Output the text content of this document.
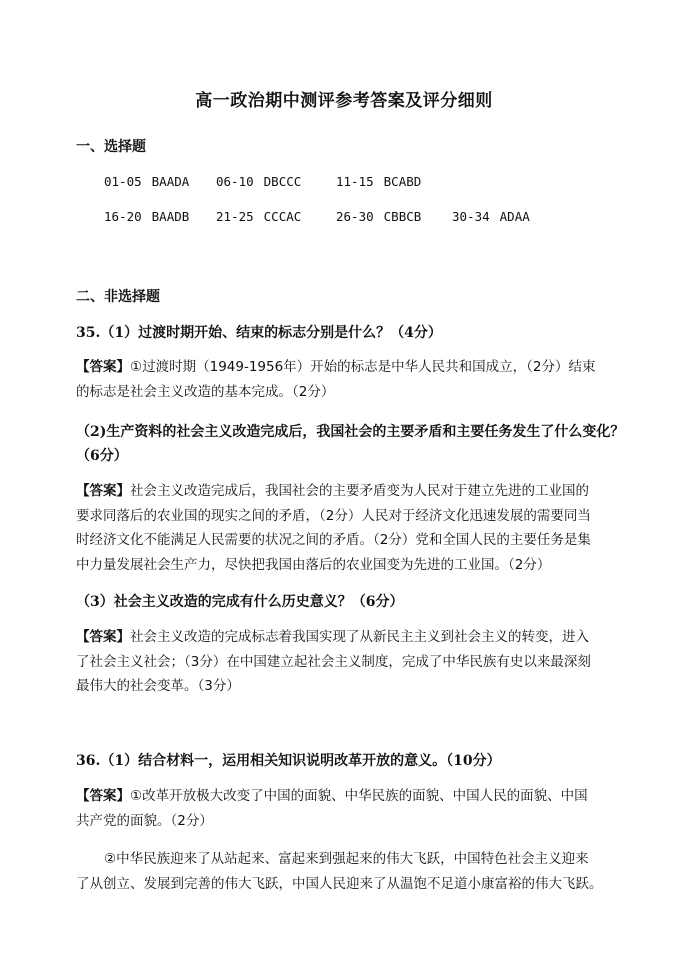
高一政治期中测评参考答案及评分细则
一、选择题
01-05 BAADA 06-10 DBCCC	11-15 BCABD
16-20 BAADB 21-25 CCCAC	26-30 CBBCB 30-34 ADAA
二、非选择题
35.（1）过渡时期开始、结束的标志分别是什么？（4分）
【答案】①过渡时期（1949-1956年）开始的标志是中华人民共和国成立，（2分）结束
的标志是社会主义改造的基本完成。（2分）
（2)生产资料的社会主义改造完成后，我国社会的主要矛盾和主要任务发生了什么变化？
（6分）
【答案】社会主义改造完成后，我国社会的主要矛盾变为人民对于建立先进的工业国的
要求同落后的农业国的现实之间的矛盾，（2分）人民对于经济文化迅速发展的需要同当
时经济文化不能满足人民需要的状况之间的矛盾。（2分）党和全国人民的主要任务是集
中力量发展社会生产力，尽快把我国由落后的农业国变为先进的工业国。（2分）
（3）社会主义改造的完成有什么历史意义？（6分）
【答案】社会主义改造的完成标志着我国实现了从新民主主义到社会主义的转变，进入
了社会主义社会；（3分）在中国建立起社会主义制度，完成了中华民族有史以来最深刻
最伟大的社会变革。（3分）
36.（1）结合材料一，运用相关知识说明改革开放的意义。（10分）
【答案】①改革开放极大改变了中国的面貌、中华民族的面貌、中国人民的面貌、中国
共产党的面貌。（2分）
②中华民族迎来了从站起来、富起来到强起来的伟大飞跃，中国特色社会主义迎来
了从创立、发展到完善的伟大飞跃，中国人民迎来了从温饱不足道小康富裕的伟大飞跃。
